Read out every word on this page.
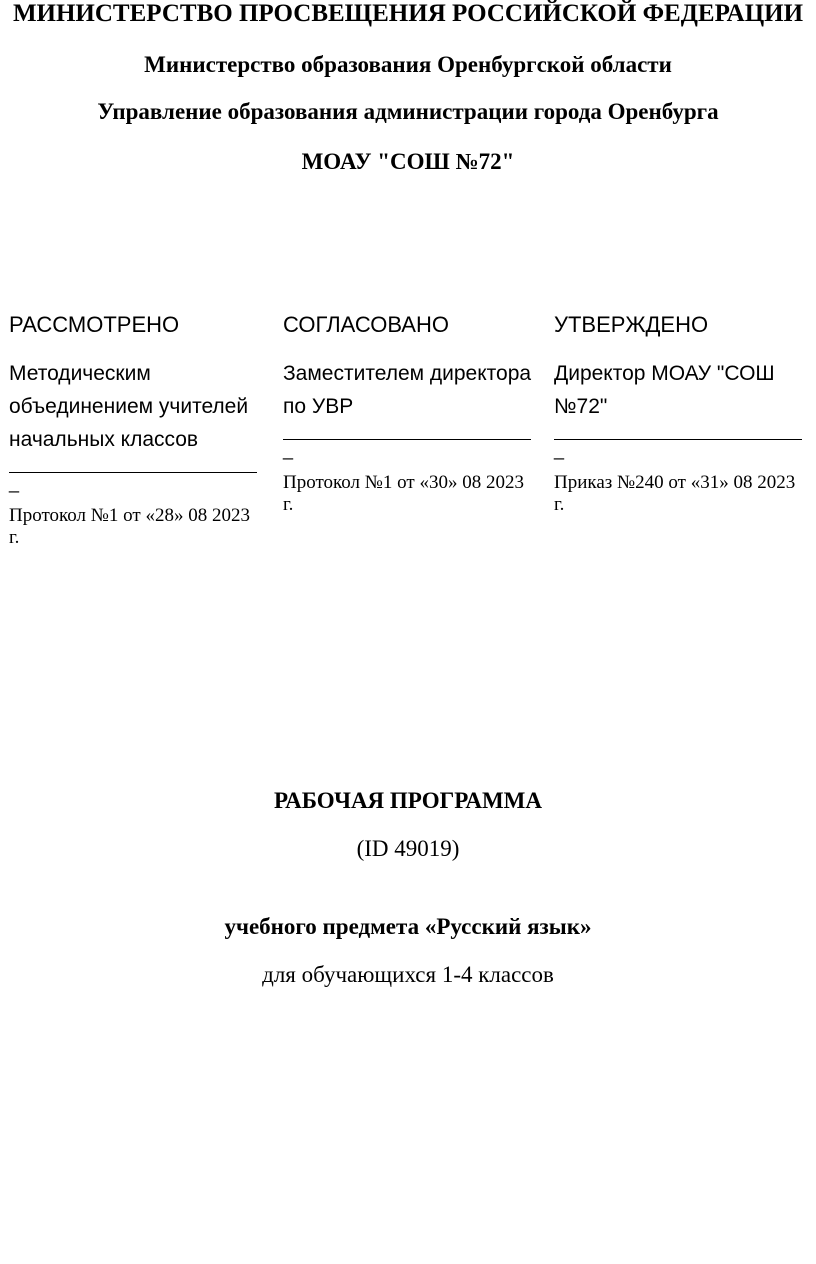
МИНИСТЕРСТВО ПРОСВЕЩЕНИЯ РОССИЙСКОЙ ФЕДЕРАЦИИ
Министерство образования Оренбургской области
Управление образования администрации города Оренбурга
МОАУ "СОШ №72"
РАССМОТРЕНО
Методическим объединением учителей начальных классов
_
Протокол №1 от «28» 08 2023 г.
СОГЛАСОВАНО
Заместителем директора по УВР
_
Протокол №1 от «30» 08 2023 г.
УТВЕРЖДЕНО
Директор МОАУ "СОШ №72"
_
Приказ №240 от «31» 08 2023 г.
РАБОЧАЯ ПРОГРАММА
(ID 49019)
учебного предмета «Русский язык»
для обучающихся 1-4 классов
